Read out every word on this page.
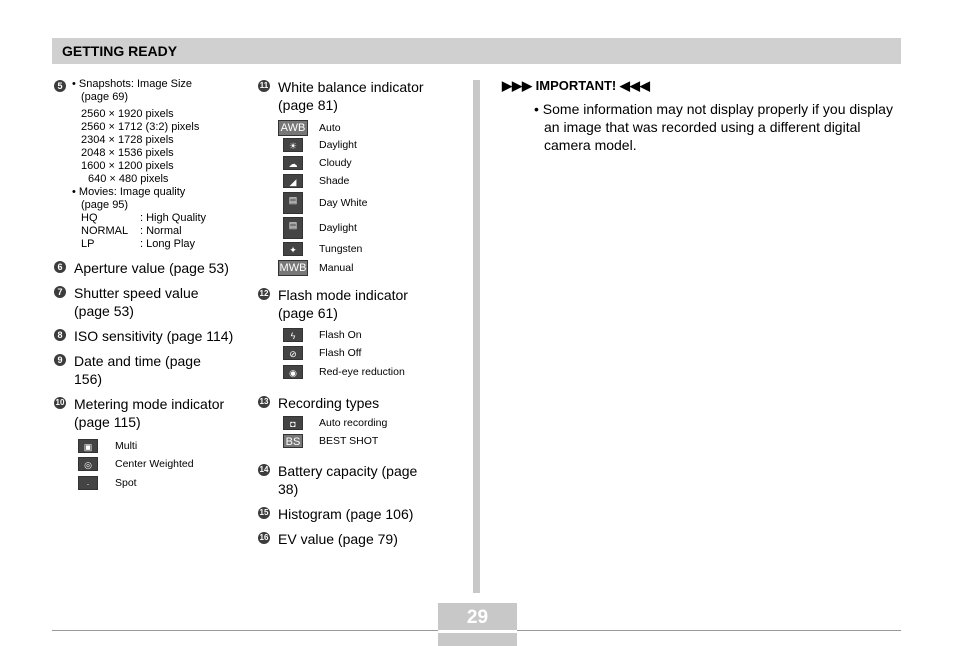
GETTING READY
5 • Snapshots: Image Size
(page 69)
2560 × 1920 pixels
2560 × 1712 (3:2) pixels
2304 × 1728 pixels
2048 × 1536 pixels
1600 × 1200 pixels
640 × 480 pixels
• Movies: Image quality
(page 95)
HQ	: High Quality
NORMAL : Normal
LP	: Long Play
6 Aperture value (page 53)
7 Shutter speed value (page 53)
8 ISO sensitivity (page 114)
9 Date and time (page 156)
10 Metering mode indicator (page 115)
▣	Multi
◎	Center Weighted
·	Spot
11 White balance indicator (page 81)
AWB Auto
☀	Daylight
☁	Cloudy
◢	Shade
▤	Day White
▤	Daylight
✦	Tungsten
MWB Manual
12 Flash mode indicator (page 61)
ϟ	Flash On
⊘	Flash Off
◉	Red-eye reduction
13 Recording types
◘	Auto recording
BS BEST SHOT
14 Battery capacity (page 38)
15 Histogram (page 106)
16 EV value (page 79)
▶▶▶ IMPORTANT! ◀◀◀
• Some information may not display properly if you display an image that was recorded using a different digital camera model.
29
